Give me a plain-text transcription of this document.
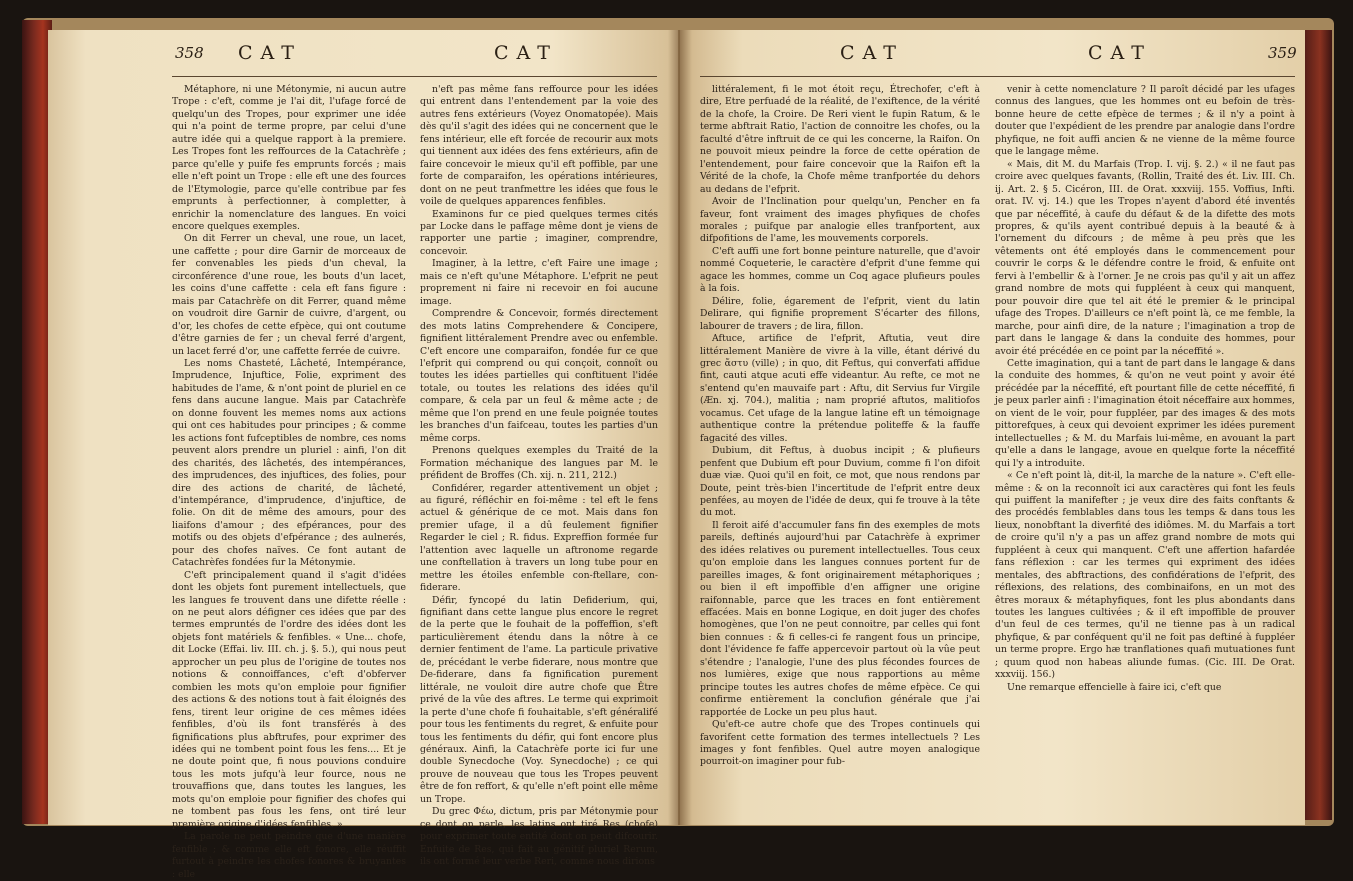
358 CAT	CAT	CAT	CAT	359

Métaphore, ni une Métonymie, ni aucun autre Trope : c'eft, comme je l'ai dit, l'ufage forcé de quelqu'un des Tropes, pour exprimer une idée qui n'a point de terme propre, par celui d'une autre idée qui a quelque rapport à la premiere. Les Tropes font les reffources de la Catachrèfe ; parce qu'elle y puife fes emprunts forcés ; mais elle n'eft point un Trope : elle eft une des fources de l'Etymologie, parce qu'elle contribue par fes emprunts à perfectionner, à completter, à enrichir la nomenclature des langues. En voici encore quelques exemples.

On dit Ferrer un cheval, une roue, un lacet, une caffette ; pour dire Garnir de morceaux de fer convenables les pieds d'un cheval, la circonférence d'une roue, les bouts d'un lacet, les coins d'une caffette : cela eft fans figure : mais par Catachrèfe on dit Ferrer, quand même on voudroit dire Garnir de cuivre, d'argent, ou d'or, les chofes de cette efpèce, qui ont coutume d'être garnies de fer ; un cheval ferré d'argent, un lacet ferré d'or, une caffette ferrée de cuivre.

Les noms Chasteté, Lâcheté, Intempérance, Imprudence, Injuftice, Folie, expriment des habitudes de l'ame, & n'ont point de pluriel en ce fens dans aucune langue. Mais par Catachrèfe on donne fouvent les memes noms aux actions qui ont ces habitudes pour principes ; & comme les actions font fufceptibles de nombre, ces noms peuvent alors prendre un pluriel : ainfi, l'on dit des charités, des lâchetés, des intempérances, des imprudences, des injuftices, des folies, pour dire des actions de charité, de lâcheté, d'intempérance, d'imprudence, d'injuftice, de folie. On dit de même des amours, pour des liaifons d'amour ; des efpérances, pour des motifs ou des objets d'efpérance ; des aulnerés, pour des chofes naïves. Ce font autant de Catachrèfes fondées fur la Métonymie.

C'eft principalement quand il s'agit d'idées dont les objets font purement intellectuels, que les langues fe trouvent dans une difette réelle : on ne peut alors défigner ces idées que par des termes empruntés de l'ordre des idées dont les objets font matériels & fenfibles. « Une... chofe, dit Locke (Effai. liv. III. ch. j. §. 5.), qui nous peut approcher un peu plus de l'origine de toutes nos notions & connoiffances, c'eft d'obferver combien les mots qu'on emploie pour fignifier des actions & des notions tout à fait éloignés des fens, tirent leur origine de ces mêmes idées fenfibles, d'où ils font transférés à des fignifications plus abftrufes, pour exprimer des idées qui ne tombent point fous les fens.... Et je ne doute point que, fi nous pouvions conduire tous les mots jufqu'à leur fource, nous ne trouvaffions que, dans toutes les langues, les mots qu'on emploie pour fignifier des chofes qui ne tombent pas fous les fens, ont tiré leur première origine d'idées fenfibles. »

La parole ne peut peindre que d'une manière fenfible ; & comme elle eft fonore, elle réuffit furtout à peindre les chofes fonores & bruyantes : elle

n'eft pas même fans reffource pour les idées qui entrent dans l'entendement par la voie des autres fens extérieurs (Voyez Onomatopée). Mais dès qu'il s'agit des idées qui ne concernent que le fens intérieur, elle eft forcée de recourir aux mots qui tiennent aux idées des fens extérieurs, afin de faire concevoir le mieux qu'il eft poffible, par une forte de comparaifon, les opérations intérieures, dont on ne peut tranfmettre les idées que fous le voile de quelques apparences fenfibles.

Examinons fur ce pied quelques termes cités par Locke dans le paffage même dont je viens de rapporter une partie ; imaginer, comprendre, concevoir.

Imaginer, à la lettre, c'eft Faire une image ; mais ce n'eft qu'une Métaphore. L'efprit ne peut proprement ni faire ni recevoir en foi aucune image.

Comprendre & Concevoir, formés directement des mots latins Comprehendere & Concipere, fignifient littéralement Prendre avec ou enfemble. C'eft encore une comparaifon, fondée fur ce que l'efprit qui comprend ou qui conçoit, connoît ou toutes les idées partielles qui conftituent l'idée totale, ou toutes les relations des idées qu'il compare, & cela par un feul & même acte ; de même que l'on prend en une feule poignée toutes les branches d'un faifceau, toutes les parties d'un même corps.

Prenons quelques exemples du Traité de la Formation méchanique des langues par M. le préfident de Broffes (Ch. xij. n. 211, 212.)

Confidérer, regarder attentivement un objet ; au figuré, réfléchir en foi-même : tel eft le fens actuel & générique de ce mot. Mais dans fon premier ufage, il a dû feulement fignifier Regarder le ciel ; R. fidus. Expreffion formée fur l'attention avec laquelle un aftronome regarde une conftellation à travers un long tube pour en mettre les étoiles enfemble con-ftellare, con-fiderare.

Défir, fyncopé du latin Defiderium, qui, fignifiant dans cette langue plus encore le regret de la perte que le fouhait de la poffeffion, s'eft particulièrement étendu dans la nôtre à ce dernier fentiment de l'ame. La particule privative de, précédant le verbe fiderare, nous montre que De-fiderare, dans fa fignification purement littérale, ne vouloit dire autre chofe que Être privé de la vûe des aftres. Le terme qui exprimoit la perte d'une chofe fi fouhaitable, s'eft généralifé pour tous les fentiments du regret, & enfuite pour tous les fentiments du défir, qui font encore plus généraux. Ainfi, la Catachrèfe porte ici fur une double Synecdoche (Voy. Synecdoche) ; ce qui prouve de nouveau que tous les Tropes peuvent être de fon reffort, & qu'elle n'eft point elle même un Trope.

Du grec Φέω, dictum, pris par Métonymie pour ce dont on parle, les latins ont tiré Res (chofe) pour exprimer toute entité dont on peut difcourir. Enfuite de Res, qui fait au génitif pluriel Rerum, ils ont formé leur verbe Reri, comme nous dirions

littéralement, fi le mot étoit reçu, Étrechofer, c'eft à dire, Etre perfuadé de la réalité, de l'exiftence, de la vérité de la chofe, la Croire. De Reri vient le fupin Ratum, & le terme abftrait Ratio, l'action de connoitre les chofes, ou la faculté d'être inftruit de ce qui les concerne, la Raifon. On ne pouvoit mieux peindre la force de cette opération de l'entendement, pour faire concevoir que la Raifon eft la Vérité de la chofe, la Chofe même tranfportée du dehors au dedans de l'efprit.

Avoir de l'Inclination pour quelqu'un, Pencher en fa faveur, font vraiment des images phyfiques de chofes morales ; puifque par analogie elles tranfportent, aux difpofitions de l'ame, les mouvements corporels.

C'eft auffi une fort bonne peinture naturelle, que d'avoir nommé Coqueterie, le caractère d'efprit d'une femme qui agace les hommes, comme un Coq agace plufieurs poules à la fois.

Délire, folie, égarement de l'efprit, vient du latin Delirare, qui fignifie proprement S'écarter des fillons, labourer de travers ; de lira, fillon.

Aftuce, artifice de l'efprit, Aftutia, veut dire littéralement Manière de vivre à la ville, étant dérivé du grec ἄστυ (ville) ; in quo, dit Feftus, qui converfati affidue fint, cauti atque acuti effe videantur. Au refte, ce mot ne s'entend qu'en mauvaife part : Aftu, dit Servius fur Virgile (Æn. xj. 704.), malitia ; nam proprié aftutos, malitiofos vocamus. Cet ufage de la langue latine eft un témoignage authentique contre la prétendue politeffe & la fauffe fagacité des villes.

Dubium, dit Feftus, à duobus incipit ; & plufieurs penfent que Dubium eft pour Duvium, comme fi l'on difoit duæ viæ. Quoi qu'il en foit, ce mot, que nous rendons par Doute, peint très-bien l'incertitude de l'efprit entre deux penfées, au moyen de l'idée de deux, qui fe trouve à la tête du mot.

Il feroit aifé d'accumuler fans fin des exemples de mots pareils, deftinés aujourd'hui par Catachrèfe à exprimer des idées relatives ou purement intellectuelles. Tous ceux qu'on emploie dans les langues connues portent fur de pareilles images, & font originairement métaphoriques ; ou bien il eft impoffible d'en affigner une origine raifonnable, parce que les traces en font entièrement effacées. Mais en bonne Logique, en doit juger des chofes homogènes, que l'on ne peut connoitre, par celles qui font bien connues : & fi celles-ci fe rangent fous un principe, dont l'évidence fe faffe appercevoir partout où la vûe peut s'étendre ; l'analogie, l'une des plus fécondes fources de nos lumières, exige que nous rapportions au même principe toutes les autres chofes de même efpèce. Ce qui confirme entièrement la conclufion générale que j'ai rapportée de Locke un peu plus haut.

Qu'eft-ce autre chofe que des Tropes continuels qui favorifent cette formation des termes intellectuels ? Les images y font fenfibles. Quel autre moyen analogique pourroit-on imaginer pour fub-

venir à cette nomenclature ? Il paroît décidé par les ufages connus des langues, que les hommes ont eu befoin de très-bonne heure de cette efpèce de termes ; & il n'y a point à douter que l'expédient de les prendre par analogie dans l'ordre phyfique, ne foit auffi ancien & ne vienne de la même fource que le langage même.

« Mais, dit M. du Marfais (Trop. I. vij. §. 2.) « il ne faut pas croire avec quelques favants, (Rollin, Traité des ét. Liv. III. Ch. ij. Art. 2. § 5. Cicéron, III. de Orat. xxxviij. 155. Voffius, Infti. orat. IV. vj. 14.) que les Tropes n'ayent d'abord été inventés que par néceffité, à caufe du défaut & de la difette des mots propres, & qu'ils ayent contribué depuis à la beauté & à l'ornement du difcours ; de même à peu près que les vêtements ont été employés dans le commencement pour couvrir le corps & le défendre contre le froid, & enfuite ont fervi à l'embellir & à l'orner. Je ne crois pas qu'il y ait un affez grand nombre de mots qui fuppléent à ceux qui manquent, pour pouvoir dire que tel ait été le premier & le principal ufage des Tropes. D'ailleurs ce n'eft point là, ce me femble, la marche, pour ainfi dire, de la nature ; l'imagination a trop de part dans le langage & dans la conduite des hommes, pour avoir été précédée en ce point par la néceffité ».

Cette imagination, qui a tant de part dans le langage & dans la conduite des hommes, & qu'on ne veut point y avoir été précédée par la néceffité, eft pourtant fille de cette néceffité, fi je peux parler ainfi : l'imagination étoit néceffaire aux hommes, on vient de le voir, pour fuppléer, par des images & des mots pittorefques, à ceux qui devoient exprimer les idées purement intellectuelles ; & M. du Marfais lui-même, en avouant la part qu'elle a dans le langage, avoue en quelque forte la néceffité qui l'y a introduite.

« Ce n'eft point là, dit-il, la marche de la nature ». C'eft elle-même : & on la reconnoît ici aux caractères qui font les feuls qui puiffent la manifefter ; je veux dire des faits conftants & des procédés femblables dans tous les temps & dans tous les lieux, nonobftant la diverfité des idiômes. M. du Marfais a tort de croire qu'il n'y a pas un affez grand nombre de mots qui fuppléent à ceux qui manquent. C'eft une affertion hafardée fans réflexion : car les termes qui expriment des idées mentales, des abftractions, des confidérations de l'efprit, des réflexions, des relations, des combinaifons, en un mot des êtres moraux & métaphyfiques, font les plus abondants dans toutes les langues cultivées ; & il eft impoffible de prouver d'un feul de ces termes, qu'il ne tienne pas à un radical phyfique, & par conféquent qu'il ne foit pas deftiné à fuppléer un terme propre. Ergo hæ tranflationes quafi mutuationes funt ; quum quod non habeas aliunde fumas. (Cic. III. De Orat. xxxviij. 156.)

Une remarque effencielle à faire ici, c'eft que
